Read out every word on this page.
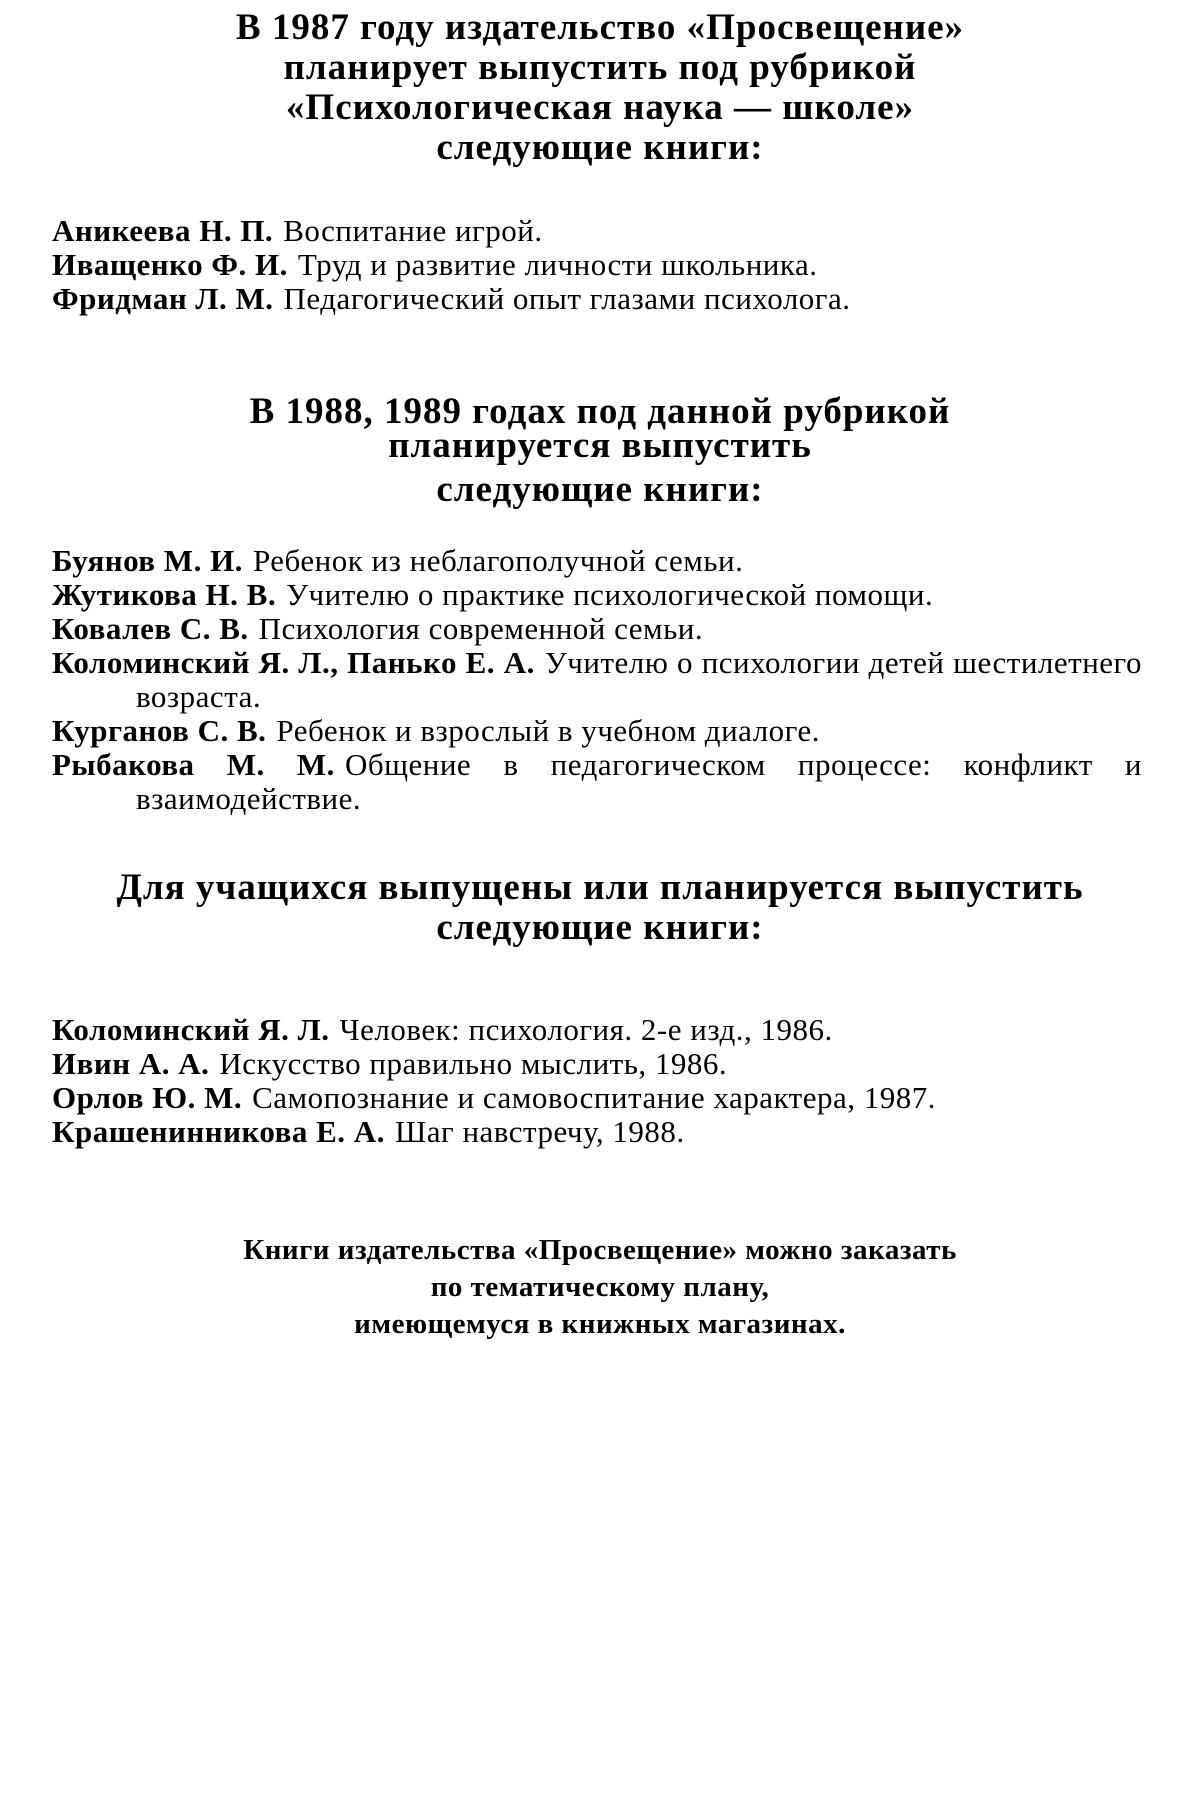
В 1987 году издательство «Просвещение»
планирует выпустить под рубрикой
«Психологическая наука — школе»
следующие книги:
Аникеева Н. П. Воспитание игрой.
Иващенко Ф. И. Труд и развитие личности школьника.
Фридман Л. М. Педагогический опыт глазами психолога.
В 1988, 1989 годах под данной рубрикой
планируется выпустить
следующие книги:
Буянов М. И. Ребенок из неблагополучной семьи.
Жутикова Н. В. Учителю о практике психологической помощи.
Ковалев С. В. Психология современной семьи.
Коломинский Я. Л., Панько Е. А. Учителю о психологии детей шестилетнего возраста.
Курганов С. В. Ребенок и взрослый в учебном диалоге.
Рыбакова М. М. Общение в педагогическом процессе: конфликт и взаимодействие.
Для учащихся выпущены или планируется выпустить
следующие книги:
Коломинский Я. Л. Человек: психология. 2-е изд., 1986.
Ивин А. А. Искусство правильно мыслить, 1986.
Орлов Ю. М. Самопознание и самовоспитание характера, 1987.
Крашенинникова Е. А. Шаг навстречу, 1988.
Книги издательства «Просвещение» можно заказать
по тематическому плану,
имеющемуся в книжных магазинах.
